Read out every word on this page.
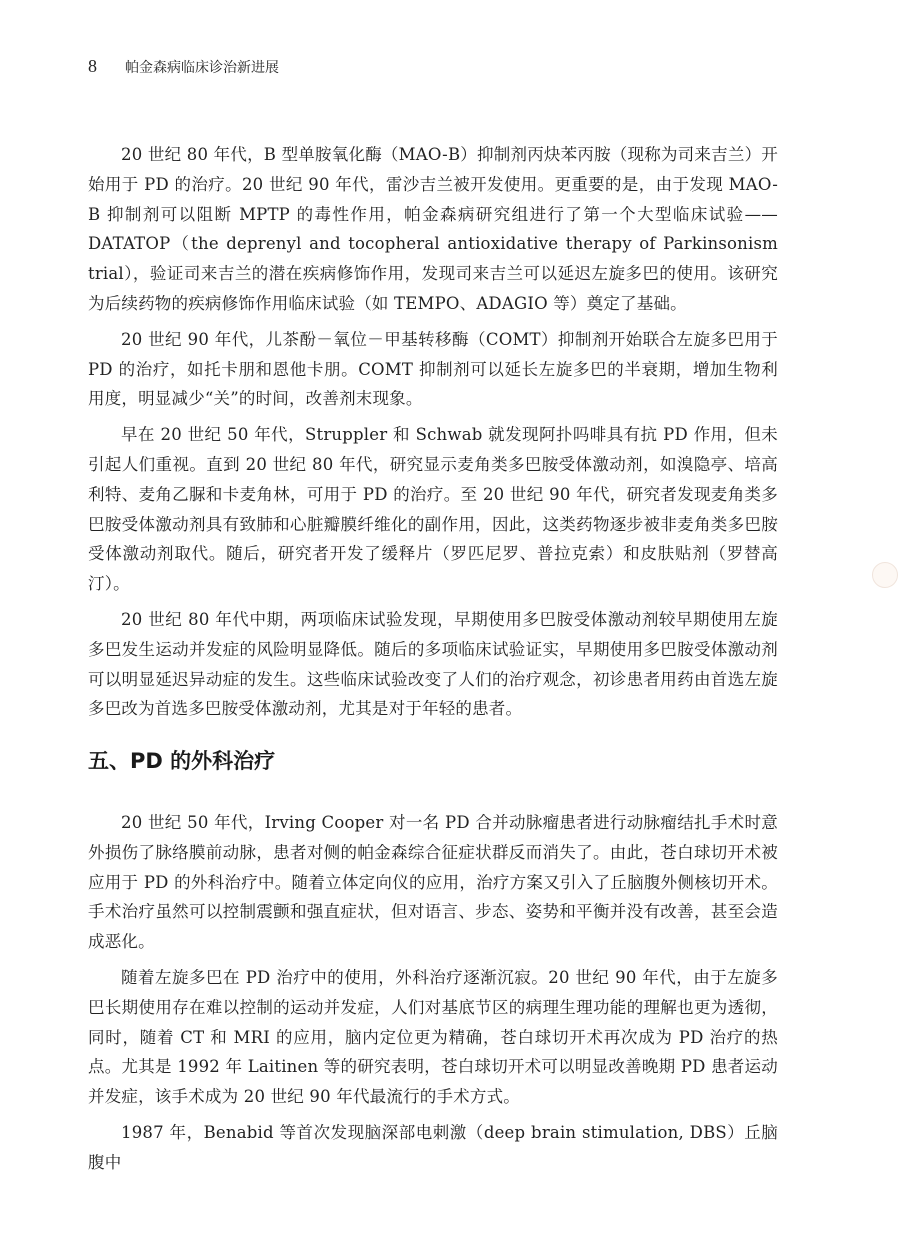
8 帕金森病临床诊治新进展

20 世纪 80 年代，B 型单胺氧化酶（MAO-B）抑制剂丙炔苯丙胺（现称为司来吉兰）开始用于 PD 的治疗。20 世纪 90 年代，雷沙吉兰被开发使用。更重要的是，由于发现 MAO-B 抑制剂可以阻断 MPTP 的毒性作用，帕金森病研究组进行了第一个大型临床试验——DATATOP（the deprenyl and tocopheral antioxidative therapy of Parkinsonism trial），验证司来吉兰的潜在疾病修饰作用，发现司来吉兰可以延迟左旋多巴的使用。该研究为后续药物的疾病修饰作用临床试验（如 TEMPO、ADAGIO 等）奠定了基础。

20 世纪 90 年代，儿茶酚－氧位－甲基转移酶（COMT）抑制剂开始联合左旋多巴用于 PD 的治疗，如托卡朋和恩他卡朋。COMT 抑制剂可以延长左旋多巴的半衰期，增加生物利用度，明显减少“关”的时间，改善剂末现象。

早在 20 世纪 50 年代，Struppler 和 Schwab 就发现阿扑吗啡具有抗 PD 作用，但未引起人们重视。直到 20 世纪 80 年代，研究显示麦角类多巴胺受体激动剂，如溴隐亭、培高利特、麦角乙脲和卡麦角林，可用于 PD 的治疗。至 20 世纪 90 年代，研究者发现麦角类多巴胺受体激动剂具有致肺和心脏瓣膜纤维化的副作用，因此，这类药物逐步被非麦角类多巴胺受体激动剂取代。随后，研究者开发了缓释片（罗匹尼罗、普拉克索）和皮肤贴剂（罗替高汀）。

20 世纪 80 年代中期，两项临床试验发现，早期使用多巴胺受体激动剂较早期使用左旋多巴发生运动并发症的风险明显降低。随后的多项临床试验证实，早期使用多巴胺受体激动剂可以明显延迟异动症的发生。这些临床试验改变了人们的治疗观念，初诊患者用药由首选左旋多巴改为首选多巴胺受体激动剂，尤其是对于年轻的患者。

五、PD 的外科治疗

20 世纪 50 年代，Irving Cooper 对一名 PD 合并动脉瘤患者进行动脉瘤结扎手术时意外损伤了脉络膜前动脉，患者对侧的帕金森综合征症状群反而消失了。由此，苍白球切开术被应用于 PD 的外科治疗中。随着立体定向仪的应用，治疗方案又引入了丘脑腹外侧核切开术。手术治疗虽然可以控制震颤和强直症状，但对语言、步态、姿势和平衡并没有改善，甚至会造成恶化。

随着左旋多巴在 PD 治疗中的使用，外科治疗逐渐沉寂。20 世纪 90 年代，由于左旋多巴长期使用存在难以控制的运动并发症，人们对基底节区的病理生理功能的理解也更为透彻，同时，随着 CT 和 MRI 的应用，脑内定位更为精确，苍白球切开术再次成为 PD 治疗的热点。尤其是 1992 年 Laitinen 等的研究表明，苍白球切开术可以明显改善晚期 PD 患者运动并发症，该手术成为 20 世纪 90 年代最流行的手术方式。

1987 年，Benabid 等首次发现脑深部电刺激（deep brain stimulation, DBS）丘脑腹中
